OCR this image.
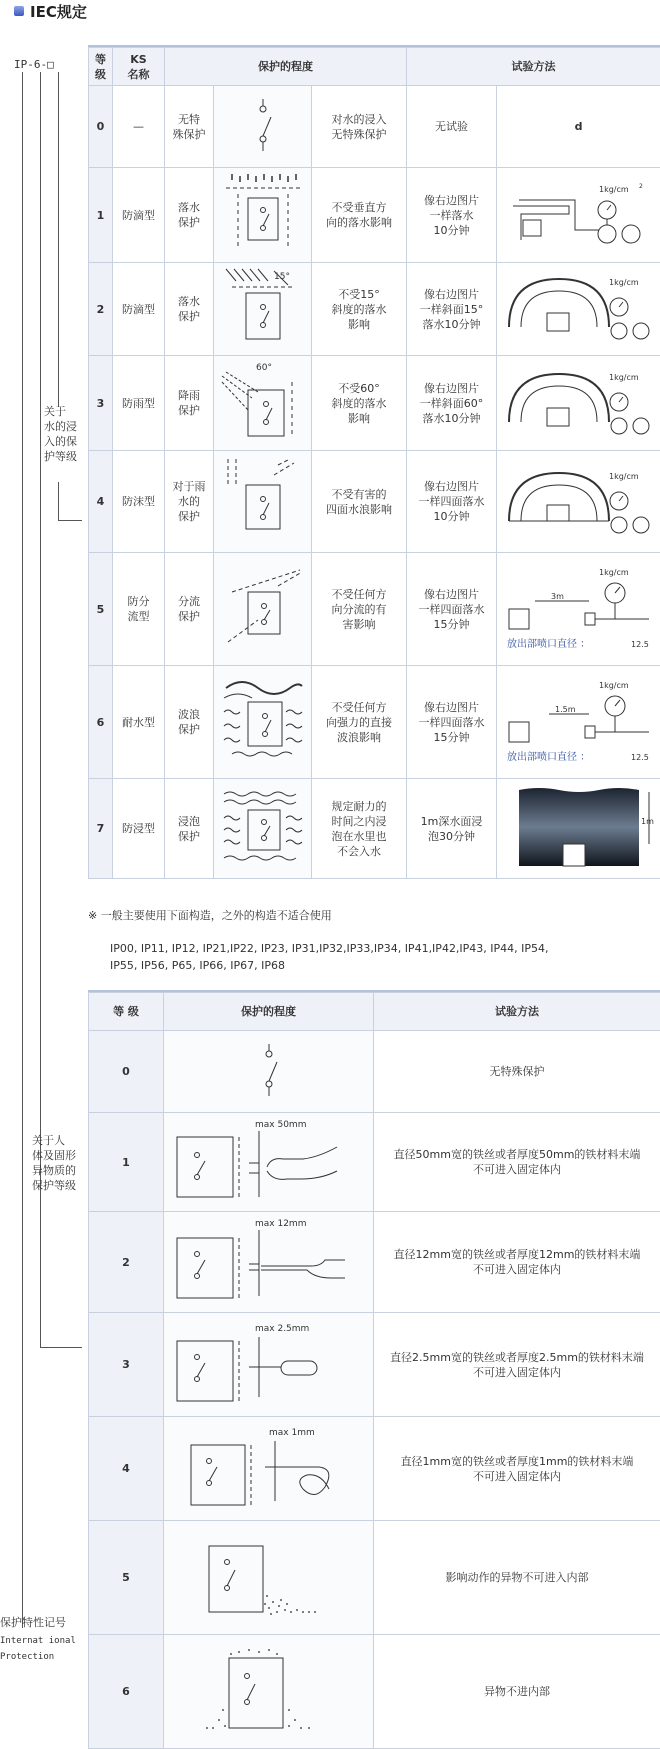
IEC规定
IP-6-□
关于
水的浸
入的保
护等级
关于人
体及固形
异物质的
保护等级
保护特性记号
Internat ional
Protection
等
级	KS
名称	保护的程度			试验方法	
0	—	无特
殊保护		对水的浸入
无特殊保护	无试验	d
1	防滴型	落水
保护		不受垂直方
向的落水影响	像右边图片
一样落水
10分钟	1kg/cm 2

2	防滴型	落水
保护	15°	不受15°
斜度的落水
影响	像右边图片
一样斜面15°
落水10分钟	1kg/cm

3	防雨型	降雨
保护	60°	不受60°
斜度的落水
影响	像右边图片
一样斜面60°
落水10分钟	1kg/cm

4	防沫型	对于雨
水的
保护		不受有害的
四面水浪影响	像右边图片
一样四面落水
10分钟	1kg/cm

5	防分
流型	分流
保护		不受任何方
向分流的有
害影响	像右边图片
一样四面落水
15分钟	3m
1kg/cm
放出部喷口直径 ： 12.5

6	耐水型	波浪
保护		不受任何方
向强力的直接
波浪影响	像右边图片
一样四面落水
15分钟	1.5m
1kg/cm
放出部喷口直径 ： 12.5

7	防浸型	浸泡
保护		规定耐力的
时间之内浸
泡在水里也
不会入水	1m深水面浸
泡30分钟	1m
※ 一般主要使用下面构造，之外的构造不适合使用
IP00, IP11, IP12, IP21,IP22, IP23, IP31,IP32,IP33,IP34, IP41,IP42,IP43, IP44, IP54,
IP55, IP56, P65, IP66, IP67, IP68
等 级	保护的程度	试验方法
0		无特殊保护
1	max 50mm	直径50mm宽的铁丝或者厚度50mm的铁材料末端
不可进入固定体内
2	max 12mm	直径12mm宽的铁丝或者厚度12mm的铁材料末端
不可进入固定体内
3	max 2.5mm	直径2.5mm宽的铁丝或者厚度2.5mm的铁材料末端
不可进入固定体内
4	max 1mm	直径1mm宽的铁丝或者厚度1mm的铁材料末端
不可进入固定体内
5		影响动作的异物不可进入内部
6		异物不进内部
